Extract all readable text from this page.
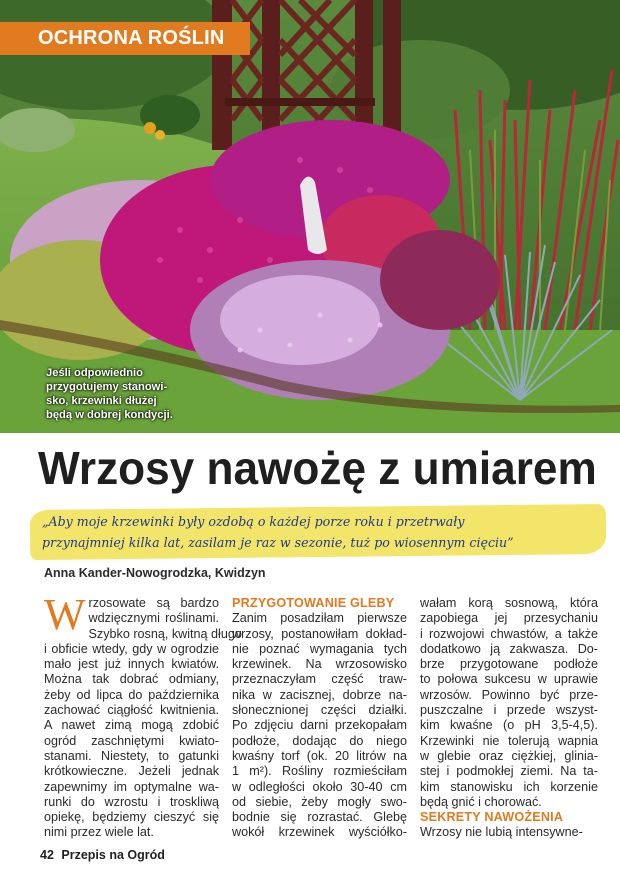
OCHRONA ROŚLIN
Jeśli odpowiednio
przygotujemy stanowi-
sko, krzewinki dłużej
będą w dobrej kondycji.
Wrzosy nawożę z umiarem
„Aby moje krzewinki były ozdobą o każdej porze roku i przetrwały
przynajmniej kilka lat, zasilam je raz w sezonie, tuż po wiosennym cięciu”
Anna Kander-Nowogrodzka, Kwidzyn
W rzosowate są bardzo
wdzięcznymi roślinami.
Szybko rosną, kwitną długo
i obficie wtedy, gdy w ogrodzie
mało jest już innych kwiatów.
Można tak dobrać odmiany,
żeby od lipca do października
zachować ciągłość kwitnienia.
A nawet zimą mogą zdobić
ogród zaschniętymi kwiato-
stanami. Niestety, to gatunki
krótkowieczne. Jeżeli jednak
zapewnimy im optymalne wa-
runki do wzrostu i troskliwą
opiekę, będziemy cieszyć się
nimi przez wiele lat.
PRZYGOTOWANIE GLEBY
Zanim posadziłam pierwsze
wrzosy, postanowiłam dokład-
nie poznać wymagania tych
krzewinek. Na wrzosowisko
przeznaczyłam część traw-
nika w zacisznej, dobrze na-
słonecznionej części działki.
Po zdjęciu darni przekopałam
podłoże, dodając do niego
kwaśny torf (ok. 20 litrów na
1 m²). Rośliny rozmieściłam
w odległości około 30-40 cm
od siebie, żeby mogły swo-
bodnie się rozrastać. Glebę
wokół krzewinek wyściółko-
wałam korą sosnową, która
zapobiega jej przesychaniu
i rozwojowi chwastów, a także
dodatkowo ją zakwasza. Do-
brze przygotowane podłoże
to połowa sukcesu w uprawie
wrzosów. Powinno być prze-
puszczalne i przede wszyst-
kim kwaśne (o pH 3,5-4,5).
Krzewinki nie tolerują wapnia
w glebie oraz ciężkiej, glinia-
stej i podmokłej ziemi. Na ta-
kim stanowisku ich korzenie
będą gnić i chorować.
SEKRETY NAWOŻENIA
Wrzosy nie lubią intensywne-
42 Przepis na Ogród
